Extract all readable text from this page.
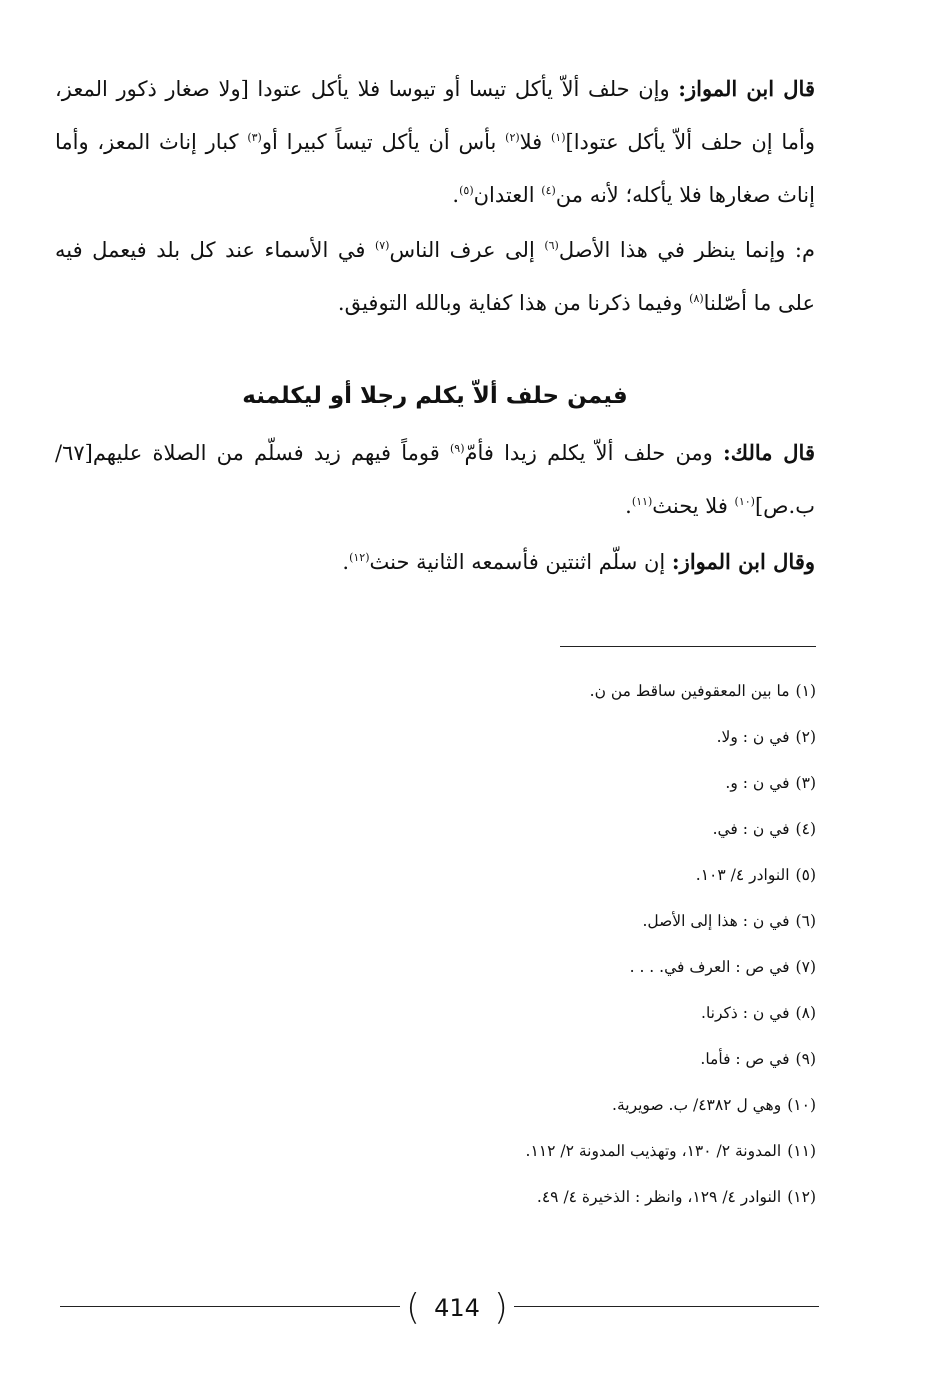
قال ابن المواز: وإن حلف ألاّ يأكل تيسا أو تيوسا فلا يأكل عتودا [ولا صغار ذكور المعز، وأما إن حلف ألاّ يأكل عتودا]$^{(١)}$ فلا$^{(٢)}$ بأس أن يأكل تيساً كبيرا أو$^{(٣)}$ كبار إناث المعز، وأما إناث صغارها فلا يأكله؛ لأنه من$^{(٤)}$ العتدان$^{(٥)}$.

م: وإنما ينظر في هذا الأصل$^{(٦)}$ إلى عرف الناس$^{(٧)}$ في الأسماء عند كل بلد فيعمل فيه على ما أصّلنا$^{(٨)}$ وفيما ذكرنا من هذا كفاية وبالله التوفيق.

فيمن حلف ألاّ يكلم رجلا أو ليكلمنه

قال مالك: ومن حلف ألاّ يكلم زيدا فأمّ$^{(٩)}$ قوماً فيهم زيد فسلّم من الصلاة عليهم[٦٧/ ب.ص]$^{(١٠)}$ فلا يحنث$^{(١١)}$.

وقال ابن المواز: إن سلّم اثنتين فأسمعه الثانية حنث$^{(١٢)}$.

(١)ما بين المعقوفين ساقط من ن.

(٢)في ن : ولا.

(٣)في ن : و.

(٤)في ن : في.

(٥)النوادر ٤/ ١٠٣.

(٦)في ن : هذا إلى الأصل.

(٧)في ص : العرف في. . . .

(٨)في ن : ذكرنا.

(٩)في ص : فأما.

(١٠)وهي ل ٤٣٨٢/ ب. صويرية.

(١١)المدونة ٢/ ١٣٠، وتهذيب المدونة ٢/ ١١٢.

(١٢)النوادر ٤/ ١٢٩، وانظر : الذخيرة ٤/ ٤٩.

( 414 )
